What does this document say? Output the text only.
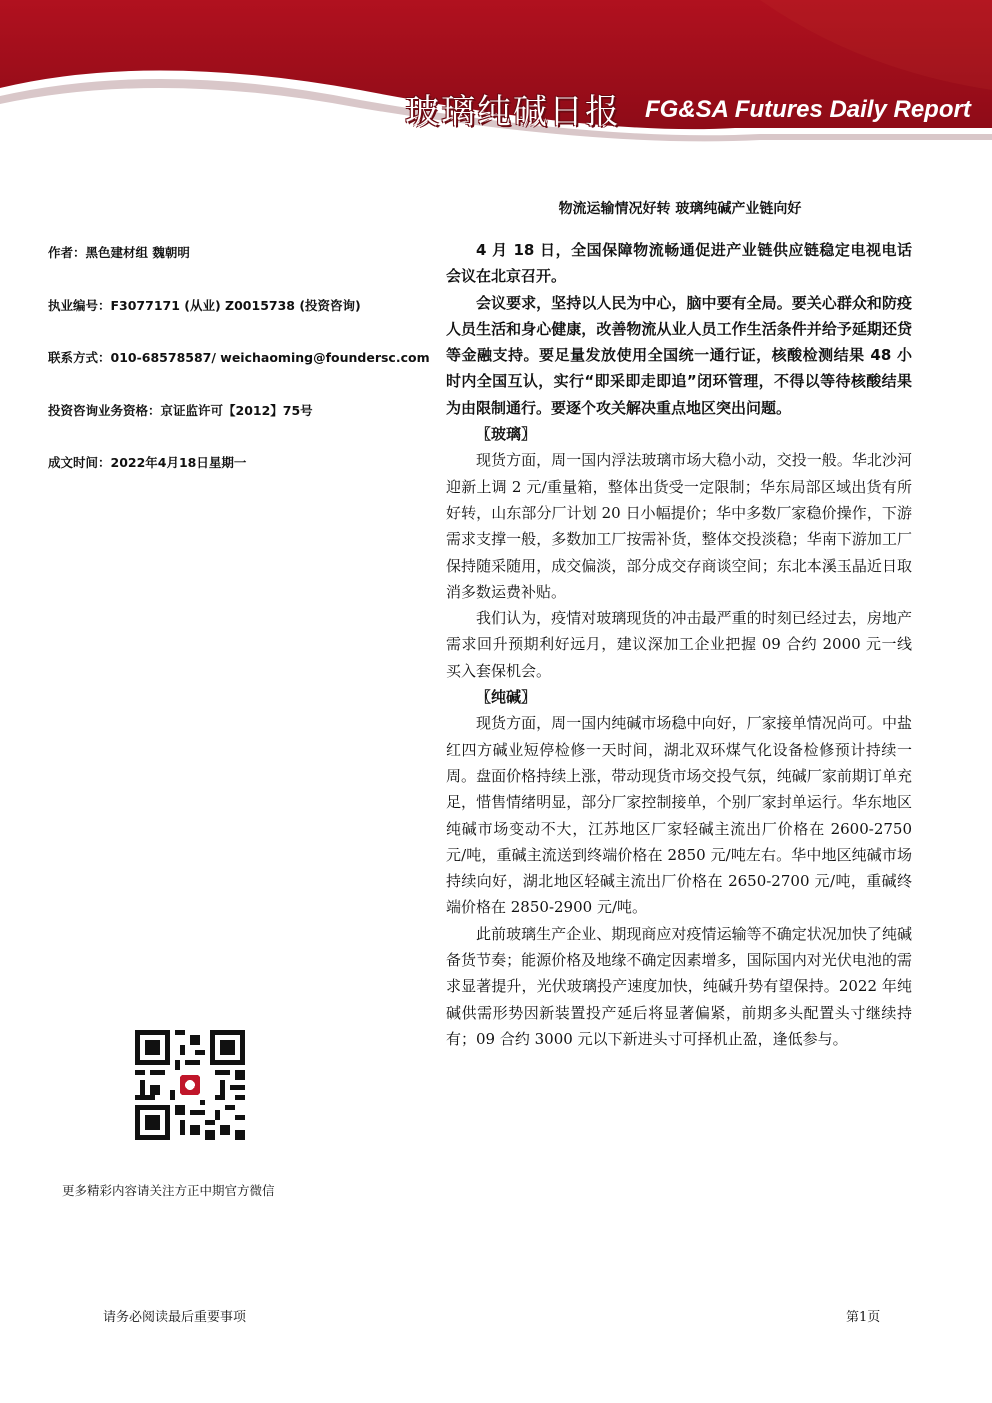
玻璃纯碱日报 FG&SA Futures Daily Report
物流运输情况好转 玻璃纯碱产业链向好
作者：黑色建材组 魏朝明
执业编号：F3077171 (从业) Z0015738 (投资咨询)
联系方式：010-68578587/ weichaoming@foundersc.com
投资咨询业务资格：京证监许可【2012】75号
成文时间：2022年4月18日星期一
更多精彩内容请关注方正中期官方微信

4 月 18 日，全国保障物流畅通促进产业链供应链稳定电视电话会议在北京召开。

会议要求，坚持以人民为中心，脑中要有全局。要关心群众和防疫人员生活和身心健康，改善物流从业人员工作生活条件并给予延期还贷等金融支持。要足量发放使用全国统一通行证，核酸检测结果 48 小时内全国互认，实行“即采即走即追”闭环管理，不得以等待核酸结果为由限制通行。要逐个攻关解决重点地区突出问题。

〖玻璃〗

现货方面，周一国内浮法玻璃市场大稳小动，交投一般。华北沙河迎新上调 2 元/重量箱，整体出货受一定限制；华东局部区域出货有所好转，山东部分厂计划 20 日小幅提价；华中多数厂家稳价操作，下游需求支撑一般，多数加工厂按需补货，整体交投淡稳；华南下游加工厂保持随采随用，成交偏淡，部分成交存商谈空间；东北本溪玉晶近日取消多数运费补贴。

我们认为，疫情对玻璃现货的冲击最严重的时刻已经过去，房地产需求回升预期利好远月，建议深加工企业把握 09 合约 2000 元一线买入套保机会。

〖纯碱〗

现货方面，周一国内纯碱市场稳中向好，厂家接单情况尚可。中盐红四方碱业短停检修一天时间，湖北双环煤气化设备检修预计持续一周。盘面价格持续上涨，带动现货市场交投气氛，纯碱厂家前期订单充足，惜售情绪明显，部分厂家控制接单，个别厂家封单运行。华东地区纯碱市场变动不大，江苏地区厂家轻碱主流出厂价格在 2600-2750 元/吨，重碱主流送到终端价格在 2850 元/吨左右。华中地区纯碱市场持续向好，湖北地区轻碱主流出厂价格在 2650-2700 元/吨，重碱终端价格在 2850-2900 元/吨。

此前玻璃生产企业、期现商应对疫情运输等不确定状况加快了纯碱备货节奏；能源价格及地缘不确定因素增多，国际国内对光伏电池的需求显著提升，光伏玻璃投产速度加快，纯碱升势有望保持。2022 年纯碱供需形势因新装置投产延后将显著偏紧，前期多头配置头寸继续持有；09 合约 3000 元以下新进头寸可择机止盈，逢低参与。

请务必阅读最后重要事项	第1页
